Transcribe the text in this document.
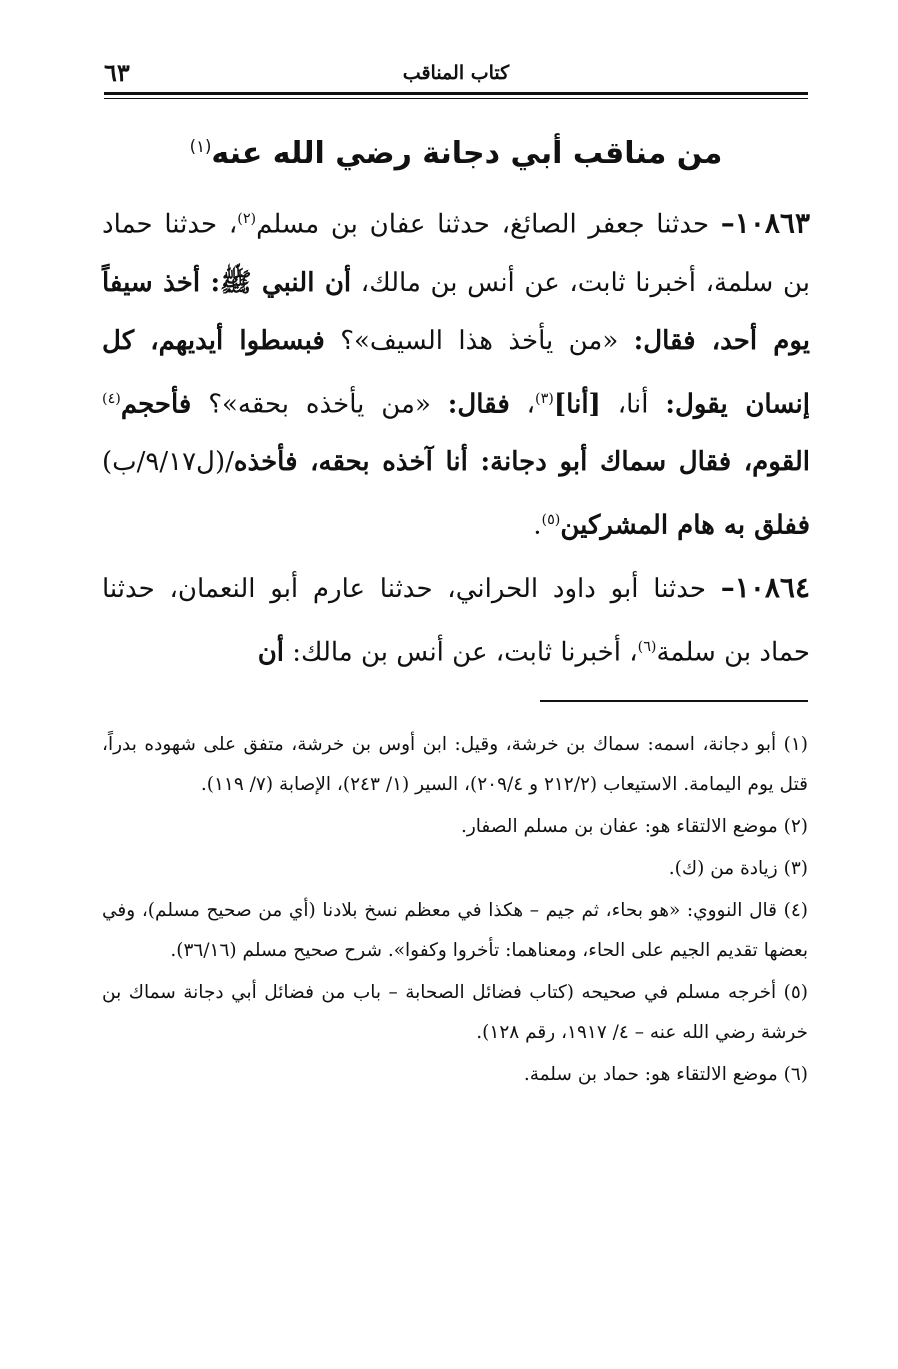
كتاب المناقب
٦٣
من مناقب أبي دجانة رضي الله عنه$^{(١)}$

١٠٨٦٣– حدثنا جعفر الصائغ، حدثنا عفان بن مسلم$^{(٢)}$، حدثنا حماد بن سلمة، أخبرنا ثابت، عن أنس بن مالك، أن النبي ﷺ: أخذ سيفاً يوم أحد، فقال: «من يأخذ هذا السيف»؟ فبسطوا أيديهم، كل إنسان يقول: أنا، [أنا]$^{(٣)}$، فقال: «من يأخذه بحقه»؟ فأحجم$^{(٤)}$ القوم، فقال سماك أبو دجانة: أنا آخذه بحقه، فأخذه/(ل٩/١٧/ب) ففلق به هام المشركين$^{(٥)}$.

١٠٨٦٤– حدثنا أبو داود الحراني، حدثنا عارم أبو النعمان، حدثنا حماد بن سلمة$^{(٦)}$، أخبرنا ثابت، عن أنس بن مالك: أن

(١) أبو دجانة، اسمه: سماك بن خرشة، وقيل: ابن أوس بن خرشة، متفق على شهوده بدراً، قتل يوم اليمامة. الاستيعاب (٢١٢/٢ و ٢٠٩/٤)، السير (١/ ٢٤٣)، الإصابة (٧/ ١١٩).
(٢) موضع الالتقاء هو: عفان بن مسلم الصفار.
(٣) زيادة من (ك).
(٤) قال النووي: «هو بحاء، ثم جيم – هكذا في معظم نسخ بلادنا (أي من صحيح مسلم)، وفي بعضها تقديم الجيم على الحاء، ومعناهما: تأخروا وكفوا». شرح صحيح مسلم (٣٦/١٦).
(٥) أخرجه مسلم في صحيحه (كتاب فضائل الصحابة – باب من فضائل أبي دجانة سماك بن خرشة رضي الله عنه – ٤/ ١٩١٧، رقم ١٢٨).
(٦) موضع الالتقاء هو: حماد بن سلمة.
